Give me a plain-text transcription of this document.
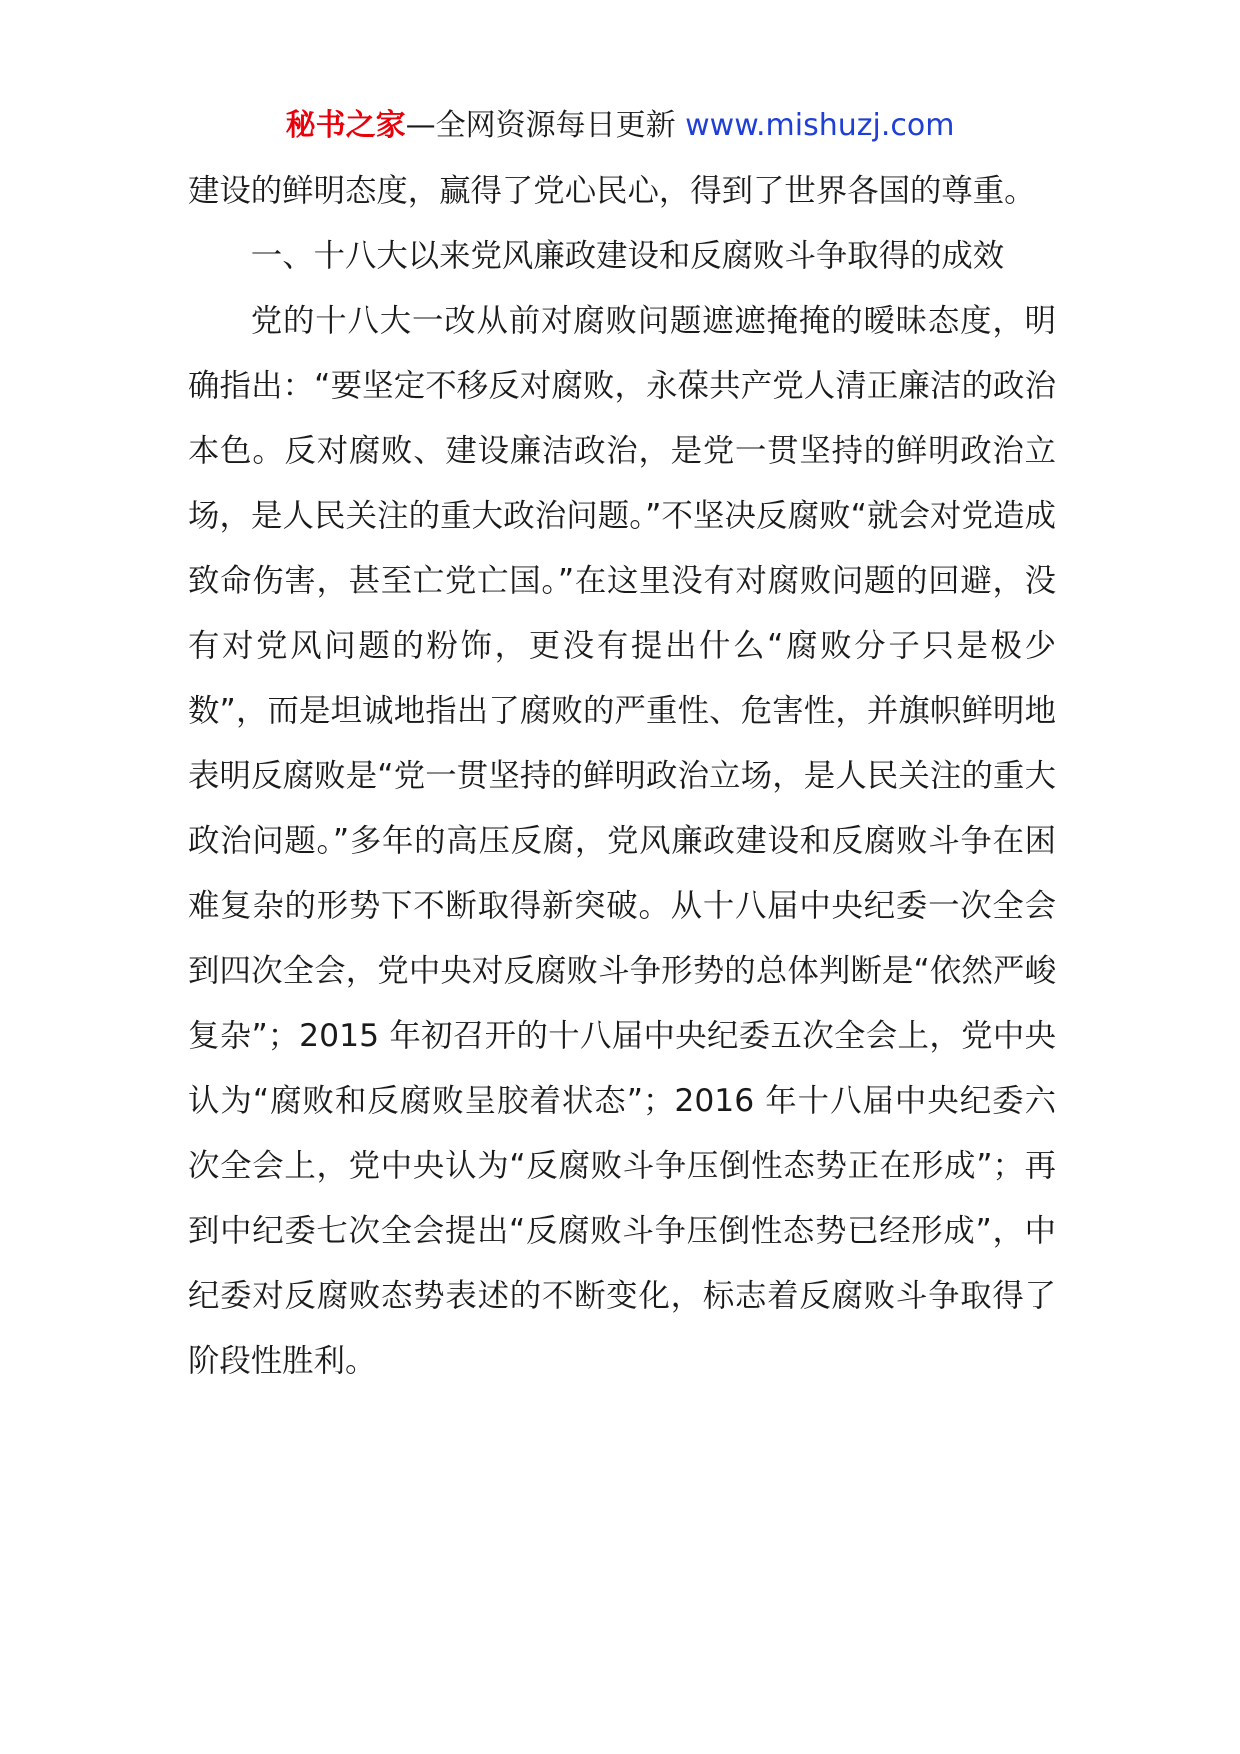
秘书之家—全网资源每日更新 www.mishuzj.com

建设的鲜明态度，赢得了党心民心，得到了世界各国的尊重。

一、十八大以来党风廉政建设和反腐败斗争取得的成效

党的十八大一改从前对腐败问题遮遮掩掩的暧昧态度，明确指出：“要坚定不移反对腐败，永葆共产党人清正廉洁的政治本色。反对腐败、建设廉洁政治，是党一贯坚持的鲜明政治立场，是人民关注的重大政治问题。”不坚决反腐败“就会对党造成致命伤害，甚至亡党亡国。”在这里没有对腐败问题的回避，没有对党风问题的粉饰，更没有提出什么“腐败分子只是极少数”，而是坦诚地指出了腐败的严重性、危害性，并旗帜鲜明地表明反腐败是“党一贯坚持的鲜明政治立场，是人民关注的重大政治问题。”多年的高压反腐，党风廉政建设和反腐败斗争在困难复杂的形势下不断取得新突破。从十八届中央纪委一次全会到四次全会，党中央对反腐败斗争形势的总体判断是“依然严峻复杂”；2015 年初召开的十八届中央纪委五次全会上，党中央认为“腐败和反腐败呈胶着状态”；2016 年十八届中央纪委六次全会上，党中央认为“反腐败斗争压倒性态势正在形成”；再到中纪委七次全会提出“反腐败斗争压倒性态势已经形成”，中纪委对反腐败态势表述的不断变化，标志着反腐败斗争取得了阶段性胜利。
